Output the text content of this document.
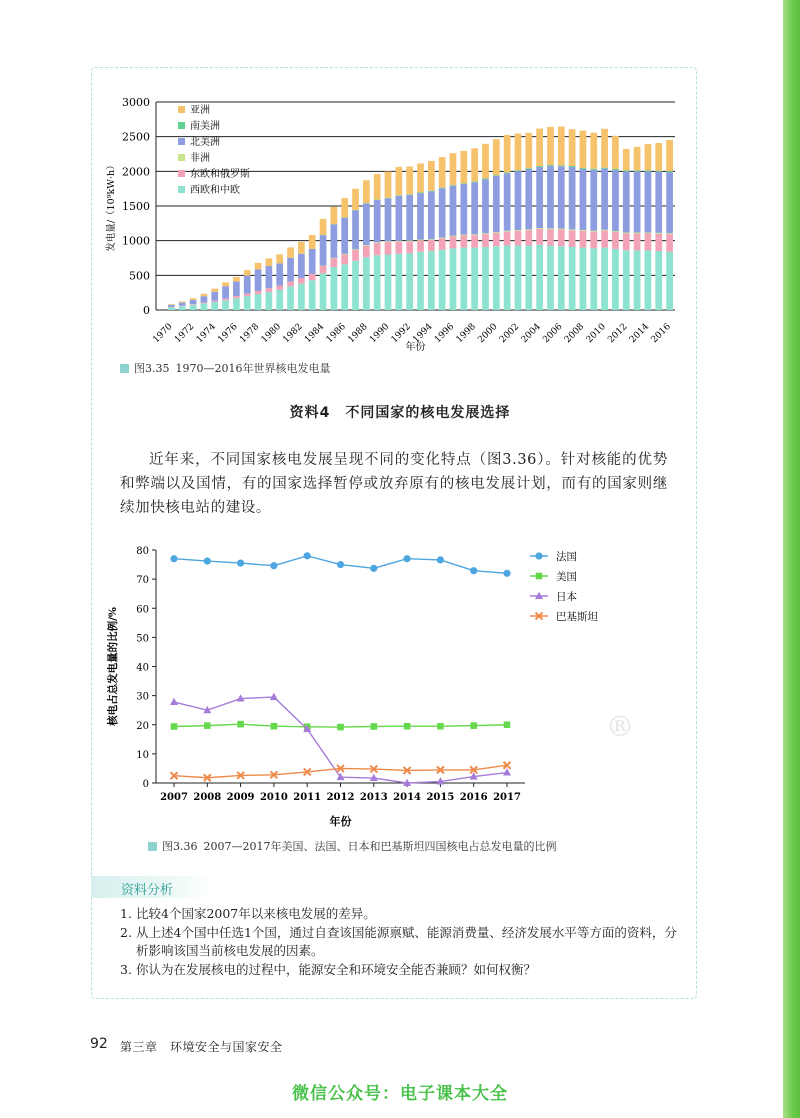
0
500
1000
1500
2000
2500
3000
1970
1972
1974
1976
1978
1980
1982
1984
1986
1988
1990
1992
1994
1996
1998
2000
2002
2004
2006
2008
2010
2012
2014
2016
年份
发电量/（10⁹kW·h）
亚洲
南美洲
北美洲
非洲
东欧和俄罗斯
西欧和中欧
图3.35 1970—2016年世界核电发电量
资料4　不同国家的核电发展选择
近年来，不同国家核电发展呈现不同的变化特点（图3.36）。针对核能的优势和弊端以及国情，有的国家选择暂停或放弃原有的核电发展计划，而有的国家则继续加快核电站的建设。
0
10
20
30
40
50
60
70
80
2007 2008 2009 2010 2011 2012 2013 2014 2015 2016 2017
年份
核电占总发电量的比例/%
法国
美国
日本
巴基斯坦
®
图3.36 2007—2017年美国、法国、日本和巴基斯坦四国核电占总发电量的比例
资料分析
1. 比较4个国家2007年以来核电发展的差异。
2. 从上述4个国中任选1个国，通过自查该国能源禀赋、能源消费量、经济发展水平等方面的资料，分析影响该国当前核电发展的因素。
3. 你认为在发展核电的过程中，能源安全和环境安全能否兼顾？如何权衡？
92 第三章　环境安全与国家安全
微信公众号：电子课本大全
